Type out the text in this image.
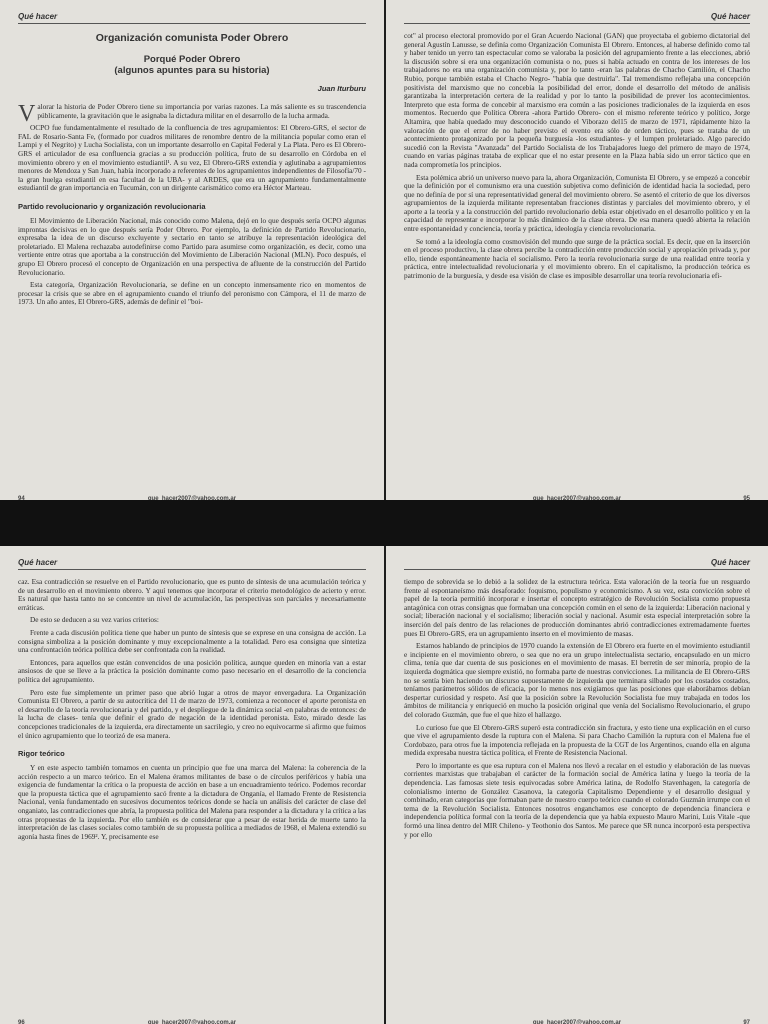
Qué hacer
Organización comunista Poder Obrero
Porqué Poder Obrero
(algunos apuntes para su historia)
Juan Iturburu

Valorar la historia de Poder Obrero tiene su importancia por varias razones. La más saliente es su trascendencia públicamente, la gravitación que le asignaba la dictadura militar en el desarrollo de la lucha armada.

OCPO fue fundamentalmente el resultado de la confluencia de tres agrupamientos: El Obrero-GRS, el sector de FAL de Rosario-Santa Fe, (formado por cuadros militares de renombre dentro de la militancia popular como eran el Lampi y el Negrito) y Lucha Socialista, con un importante desarrollo en Capital Federal y La Plata. Pero es El Obrero-GRS el articulador de esa confluencia gracias a su producción política, fruto de su desarrollo en Córdoba en el movimiento obrero y en el movimiento estudiantil¹. A su vez, El Obrero-GRS extendía y aglutinaba a agrupamientos menores de Mendoza y San Juan, había incorporado a referentes de los agrupamientos independientes de Filosofía/70 -la gran huelga estudiantil en esa facultad de la UBA- y al ARDES, que era un agrupamiento fundamentalmente estudiantil de gran importancia en Tucumán, con un dirigente carismático como era Héctor Marteau.

Partido revolucionario y organización revolucionaria

El Movimiento de Liberación Nacional, más conocido como Malena, dejó en lo que después sería OCPO algunas improntas decisivas en lo que después sería Poder Obrero. Por ejemplo, la definición de Partido Revolucionario, expresaba la idea de un discurso excluyente y sectario en tanto se atribuye la representación ideológica del proletariado. El Malena rechazaba autodefinirse como Partido para asumirse como organización, es decir, como una vertiente entre otras que aportaba a la construcción del Movimiento de Liberación Nacional (MLN). Poco después, el grupo El Obrero procesó el concepto de Organización en una perspectiva de afluente de la construcción del Partido Revolucionario.

Esta categoría, Organización Revolucionaria, se define en un concepto inmensamente rico en momentos de procesar la crisis que se abre en el agrupamiento cuando el triunfo del peronismo con Cámpora, el 11 de marzo de 1973. Un año antes, El Obrero-GRS, además de definir el "boi-

94	que_hacer2007@yahoo.com.ar
Qué hacer

cot" al proceso electoral promovido por el Gran Acuerdo Nacional (GAN) que proyectaba el gobierno dictatorial del general Agustín Lanusse, se definía como Organización Comunista El Obrero. Entonces, al haberse definido como tal y haber tenido un yerro tan espectacular como se valoraba la posición del agrupamiento frente a las elecciones, abrió la discusión sobre si era una organización comunista o no, pues si había actuado en contra de los intereses de los trabajadores no era una organización comunista y, por lo tanto -eran las palabras de Chacho Camilión, el Chacho Rubio, porque también estaba el Chacho Negro- "había que destruirla". Tal tremendismo reflejaba una concepción positivista del marxismo que no concebía la posibilidad del error, donde el desarrollo del método de análisis garantizaba la interpretación certera de la realidad y por lo tanto la posibilidad de prever los acontecimientos. Interpreto que esta forma de concebir al marxismo era común a las posiciones tradicionales de la izquierda en esos momentos. Recuerdo que Política Obrera -ahora Partido Obrero- con el mismo referente teórico y político, Jorge Altamira, que había quedado muy desconocido cuando el Viborazo del15 de marzo de 1971, rápidamente hizo la valoración de que el error de no haber previsto el evento era sólo de orden táctico, pues se trataba de un acontecimiento protagonizado por la pequeña burguesía -los estudiantes- y el lumpen proletariado. Algo parecido sucedió con la Revista "Avanzada" del Partido Socialista de los Trabajadores luego del primero de mayo de 1974, cuando en varias páginas trataba de explicar que el no estar presente en la Plaza había sido un error táctico que en nada comprometía los principios.

Esta polémica abrió un universo nuevo para la, ahora Organización, Comunista El Obrero, y se empezó a concebir que la definición por el comunismo era una cuestión subjetiva como definición de identidad hacia la sociedad, pero que no definía de por sí una representatividad general del movimiento obrero. Se asentó el criterio de que los diversos agrupamientos de la izquierda militante representaban fracciones distintas y parciales del movimiento obrero, y el aporte a la teoría y a la construcción del partido revolucionario debía estar objetivado en el desarrollo político y en la capacidad de representar e incorporar lo más dinámico de la clase obrera. De esa manera quedó abierta la relación entre espontaneidad y conciencia, teoría y práctica, ideología y ciencia revolucionaria.

Se tomó a la ideología como cosmovisión del mundo que surge de la práctica social. Es decir, que en la inserción en el proceso productivo, la clase obrera percibe la contradicción entre producción social y apropiación privada y, por ello, tiende espontáneamente hacia el socialismo. Pero la teoría revolucionaria surge de una realidad entre teoría y práctica, entre intelectualidad revolucionaria y el movimiento obrero. En el capitalismo, la producción teórica es patrimonio de la burguesía, y desde esa visión de clase es imposible desarrollar una teoría revolucionaria efi-

que_hacer2007@yahoo.com.ar	95
Qué hacer

caz. Esa contradicción se resuelve en el Partido revolucionario, que es punto de síntesis de una acumulación teórica y de un desarrollo en el movimiento obrero. Y aquí tenemos que incorporar el criterio metodológico de acierto y error. Es natural que hasta tanto no se concentre un nivel de acumulación, las perspectivas son parciales y necesariamente erráticas.

De esto se deducen a su vez varios criterios:

Frente a cada discusión política tiene que haber un punto de síntesis que se exprese en una consigna de acción. La consigna simboliza a la posición dominante y muy excepcionalmente a la totalidad. Pero esa consigna que sintetiza una confrontación teórica política debe ser confrontada con la realidad.

Entonces, para aquellos que están convencidos de una posición política, aunque queden en minoría van a estar ansiosos de que se lleve a la práctica la posición dominante como paso necesario en el desarrollo de la conciencia política del agrupamiento.

Pero este fue simplemente un primer paso que abrió lugar a otros de mayor envergadura. La Organización Comunista El Obrero, a partir de su autocrítica del 11 de marzo de 1973, comienza a reconocer el aporte peronista en el desarrollo de la teoría revolucionaria y del partido, y el despliegue de la dinámica social -en palabras de entonces: de la lucha de clases- tenía que definir el grado de negación de la identidad peronista. Esto, mirado desde las concepciones tradicionales de la izquierda, era directamente un sacrilegio, y creo no equivocarme si afirmo que fuimos el único agrupamiento que lo teorizó de esa manera.

Rigor teórico

Y en este aspecto también tomamos en cuenta un principio que fue una marca del Malena: la coherencia de la acción respecto a un marco teórico. En el Malena éramos militantes de base o de círculos periféricos y había una exigencia de fundamentar la crítica o la propuesta de acción en base a un encuadramiento teórico. Podemos recordar que la propuesta táctica que el agrupamiento sacó frente a la dictadura de Onganía, el llamado Frente de Resistencia Nacional, venía fundamentado en sucesivos documentos teóricos donde se hacía un análisis del carácter de clase del onganiato, las contradicciones que abría, la propuesta política del Malena para responder a la dictadura y la crítica a las otras propuestas de la izquierda. Por ello también es de considerar que a pesar de estar herida de muerte tanto la interpretación de las clases sociales como también de su propuesta política a mediados de 1968, el Malena extendió su agonía hasta fines de 1969². Y, precisamente ese

96	que_hacer2007@yahoo.com.ar
Qué hacer

tiempo de sobrevida se lo debió a la solidez de la estructura teórica. Esta valoración de la teoría fue un resguardo frente al espontaneísmo más desaforado: foquismo, populismo y economicismo. A su vez, esta convicción sobre el papel de la teoría permitió incorporar e insertar el concepto estratégico de Revolución Socialista como propuesta antagónica con otras consignas que formaban una concepción común en el seno de la izquierda: Liberación nacional y social; liberación nacional y el socialismo; liberación social y nacional. Asumir esta especial interpretación sobre la inserción del país dentro de las relaciones de producción dominantes abrió contradicciones extremadamente fuertes pues El Obrero-GRS, era un agrupamiento inserto en el movimiento de masas.

Estamos hablando de principios de 1970 cuando la extensión de El Obrero era fuerte en el movimiento estudiantil e incipiente en el movimiento obrero, o sea que no era un grupo intelectualista sectario, encapsulado en un micro clima, tenía que dar cuenta de sus posiciones en el movimiento de masas. El berretín de ser minoría, propio de la izquierda dogmática que siempre existió, no formaba parte de nuestras convicciones. La militancia de El Obrero-GRS no se sentía bien haciendo un discurso supuestamente de izquierda que terminara silbado por los costados costados, teníamos parámetros sólidos de eficacia, por lo menos nos exigíamos que las posiciones que elaborábamos debían despertar curiosidad y respeto. Así que la posición sobre la Revolución Socialista fue muy trabajada en todos los ámbitos de militancia y enriqueció en mucho la posición original que venía del Socialismo Revolucionario, el grupo del colorado Guzmán, que fue el que hizo el hallazgo.

Lo curioso fue que El Obrero-GRS superó esta contradicción sin fractura, y esto tiene una explicación en el curso que vive el agrupamiento desde la ruptura con el Malena. Si para Chacho Camilión la ruptura con el Malena fue el Cordobazo, para otros fue la impotencia reflejada en la propuesta de la CGT de los Argentinos, cuando ella en alguna medida expresaba nuestra táctica política, el Frente de Resistencia Nacional.

Pero lo importante es que esa ruptura con el Malena nos llevó a recalar en el estudio y elaboración de las nuevas corrientes marxistas que trabajaban el carácter de la formación social de América latina y luego la teoría de la dependencia. Las famosas siete tesis equivocadas sobre América latina, de Rodolfo Stavenhagen, la categoría de colonialismo interno de González Casanova, la categoría Capitalismo Dependiente y el desarrollo desigual y combinado, eran categorías que formaban parte de nuestro cuerpo teórico cuando el colorado Guzmán irrumpe con el tema de la Revolución Socialista. Entonces nosotros enganchamos ese concepto de dependencia financiera e independencia política formal con la teoría de la dependencia que ya había expuesto Mauro Marini, Luis Vitale -que formó una línea dentro del MIR Chileno- y Teothonio dos Santos. Me parece que SR nunca incorporó esta perspectiva y por ello

que_hacer2007@yahoo.com.ar	97
